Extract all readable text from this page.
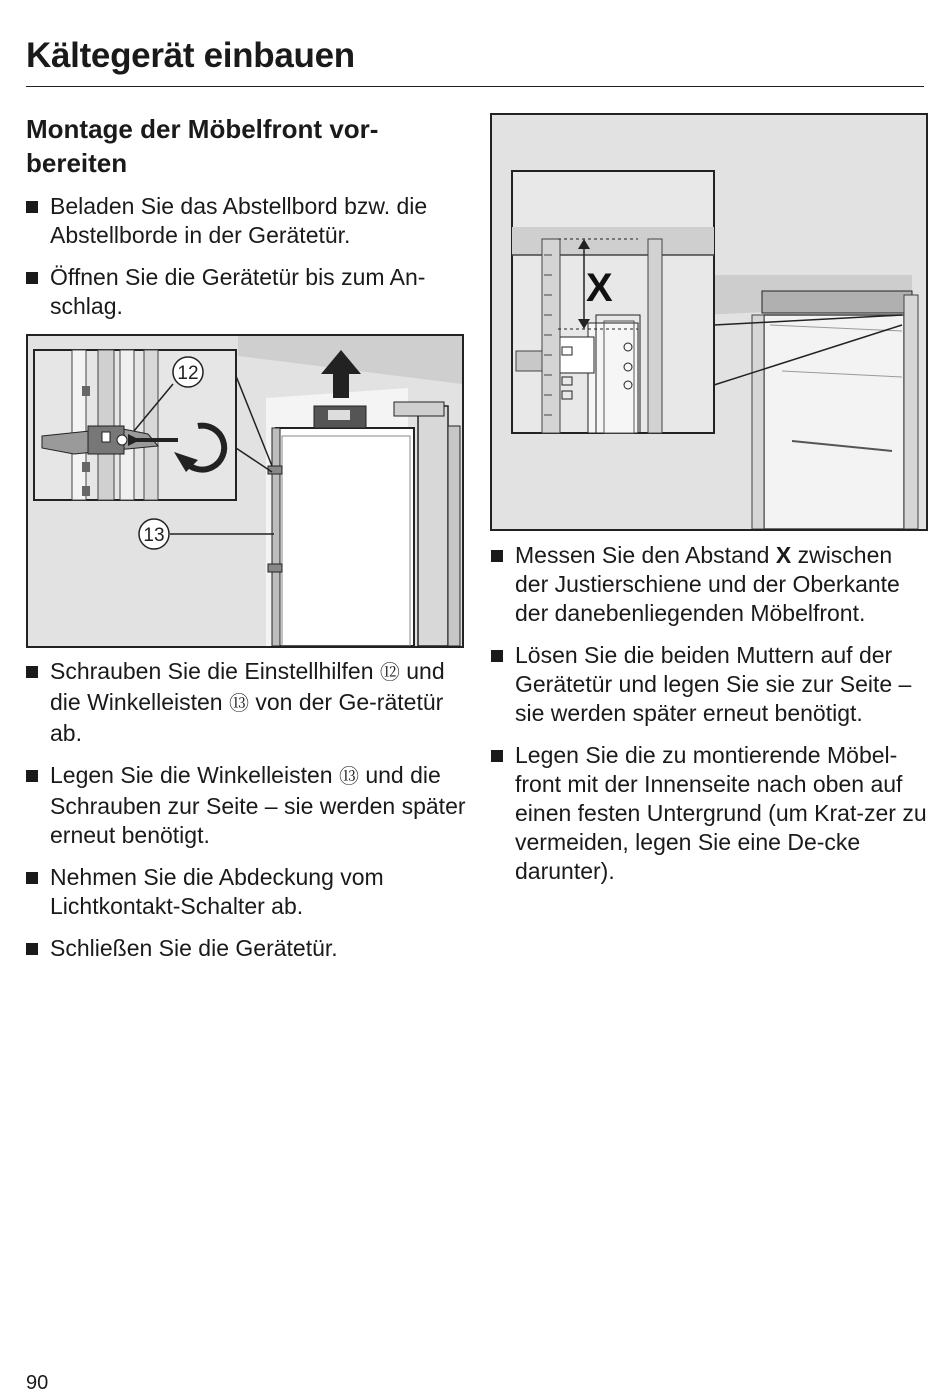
Kältegerät einbauen
Montage der Möbelfront vor-bereiten
Beladen Sie das Abstellbord bzw. die Abstellborde in der Gerätetür.
Öffnen Sie die Gerätetür bis zum An-schlag.
12
13
Schrauben Sie die Einstellhilfen ⑫ und die Winkelleisten ⑬ von der Ge-rätetür ab.
Legen Sie die Winkelleisten ⑬ und die Schrauben zur Seite – sie werden später erneut benötigt.
Nehmen Sie die Abdeckung vom Lichtkontakt-Schalter ab.
Schließen Sie die Gerätetür.
X
Messen Sie den Abstand X zwischen der Justierschiene und der Oberkante der danebenliegenden Möbelfront.
Lösen Sie die beiden Muttern auf der Gerätetür und legen Sie sie zur Seite – sie werden später erneut benötigt.
Legen Sie die zu montierende Möbel-front mit der Innenseite nach oben auf einen festen Untergrund (um Krat-zer zu vermeiden, legen Sie eine De-cke darunter).
90
